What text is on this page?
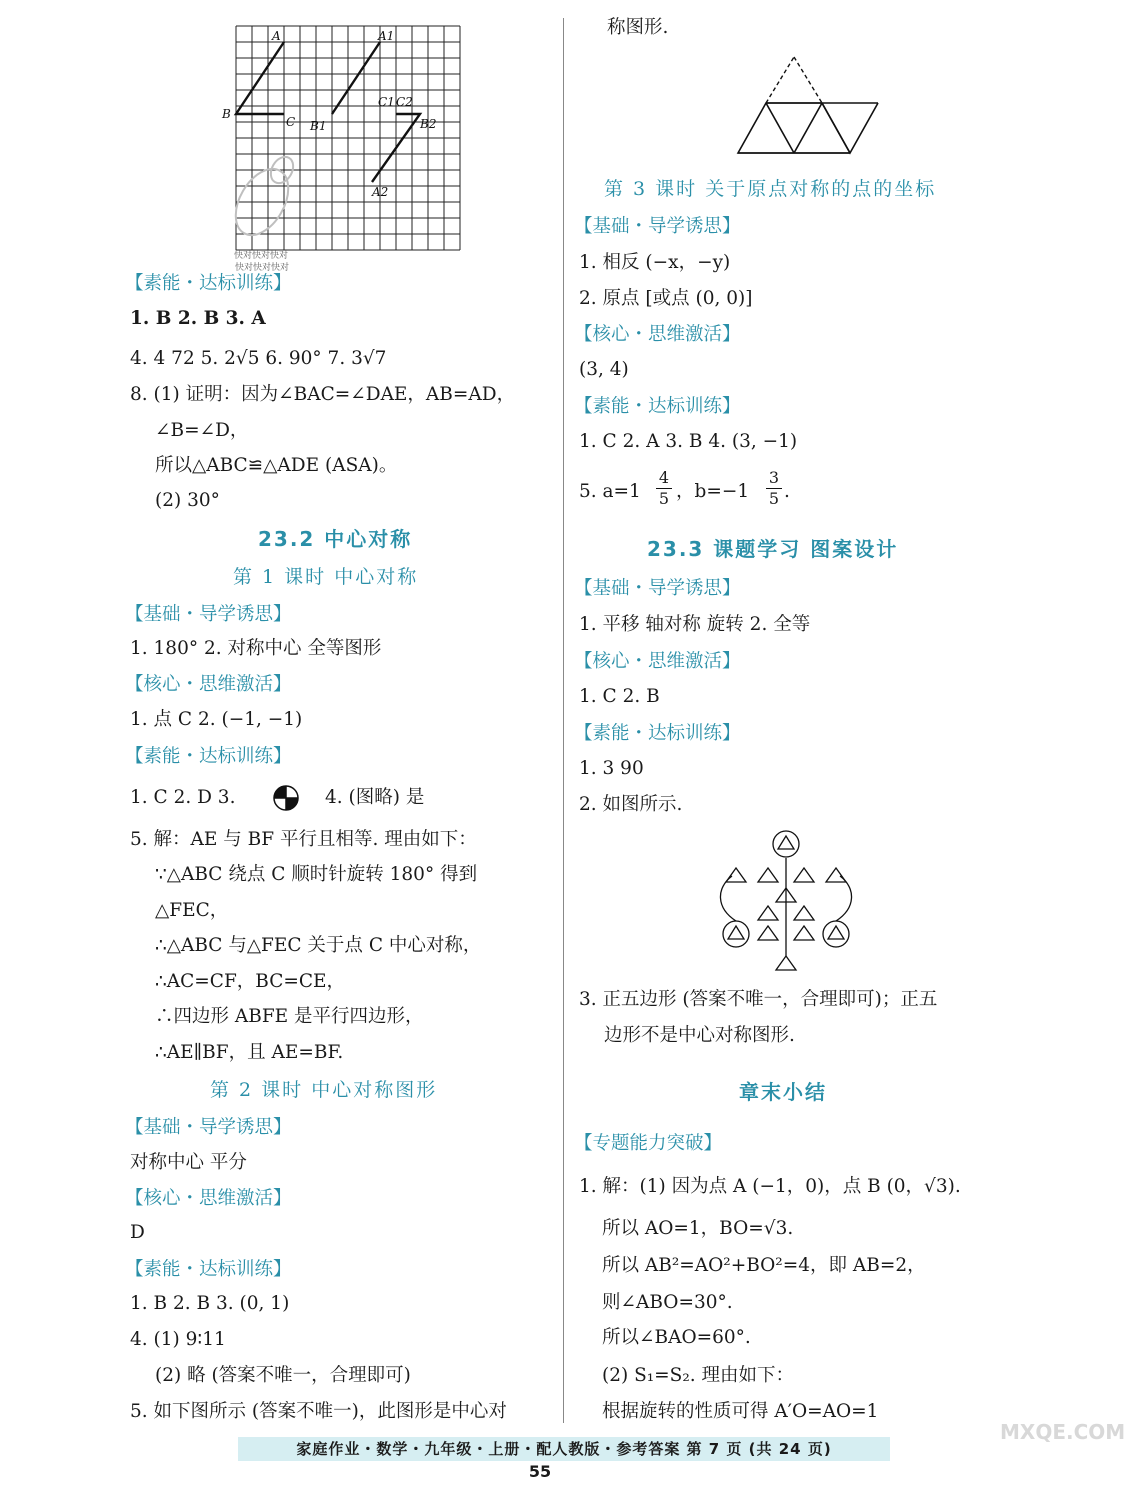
A	A1
B
C B1
C1 C2
B2
A2
快对快对快对
快对快对快对
【素能・达标训练】
1. B 2. B 3. A
4. 4 72 5. 2√5 6. 90° 7. 3√7
8. (1) 证明：因为∠BAC=∠DAE，AB=AD，
∠B=∠D，
所以△ABC≌△ADE (ASA)。
(2) 30°
23.2 中心对称
第 1 课时 中心对称
【基础・导学诱思】
1. 180° 2. 对称中心 全等图形
【核心・思维激活】
1. 点 C 2. (−1, −1)
【素能・达标训练】
1. C 2. D 3.	4. (图略) 是
5. 解：AE 与 BF 平行且相等. 理由如下：
∵△ABC 绕点 C 顺时针旋转 180° 得到
△FEC，
∴△ABC 与△FEC 关于点 C 中心对称，
∴AC=CF，BC=CE，
∴四边形 ABFE 是平行四边形，
∴AE∥BF，且 AE=BF.
第 2 课时 中心对称图形
【基础・导学诱思】
对称中心 平分
【核心・思维激活】
D
【素能・达标训练】
1. B 2. B 3. (0, 1)
4. (1) 9∶11
(2) 略 (答案不唯一，合理即可)
5. 如下图所示 (答案不唯一)，此图形是中心对
称图形.
第 3 课时 关于原点对称的点的坐标
【基础・导学诱思】
1. 相反 (−x，−y)
2. 原点 [或点 (0, 0)]
【核心・思维激活】
(3, 4)
【素能・达标训练】
1. C 2. A 3. B 4. (3, −1)
5. $a=1 \frac{4}{5}$ ，$b=-1 \frac{3}{5}$ .
23.3 课题学习 图案设计
【基础・导学诱思】
1. 平移 轴对称 旋转 2. 全等
【核心・思维激活】
1. C 2. B
【素能・达标训练】
1. 3 90
2. 如图所示.
3. 正五边形 (答案不唯一，合理即可)；正五
边形不是中心对称图形.
章末小结
【专题能力突破】
1. 解：(1) 因为点 A (−1，0)，点 B (0，√3).
所以 AO=1，BO=√3.
所以 AB²=AO²+BO²=4，即 AB=2，
则∠ABO=30°.
所以∠BAO=60°.
(2) S₁=S₂. 理由如下：
根据旋转的性质可得 A′O=AO=1
家庭作业・数学・九年级・上册・配人教版・参考答案 第 7 页 (共 24 页)
55
MXQE.COM
